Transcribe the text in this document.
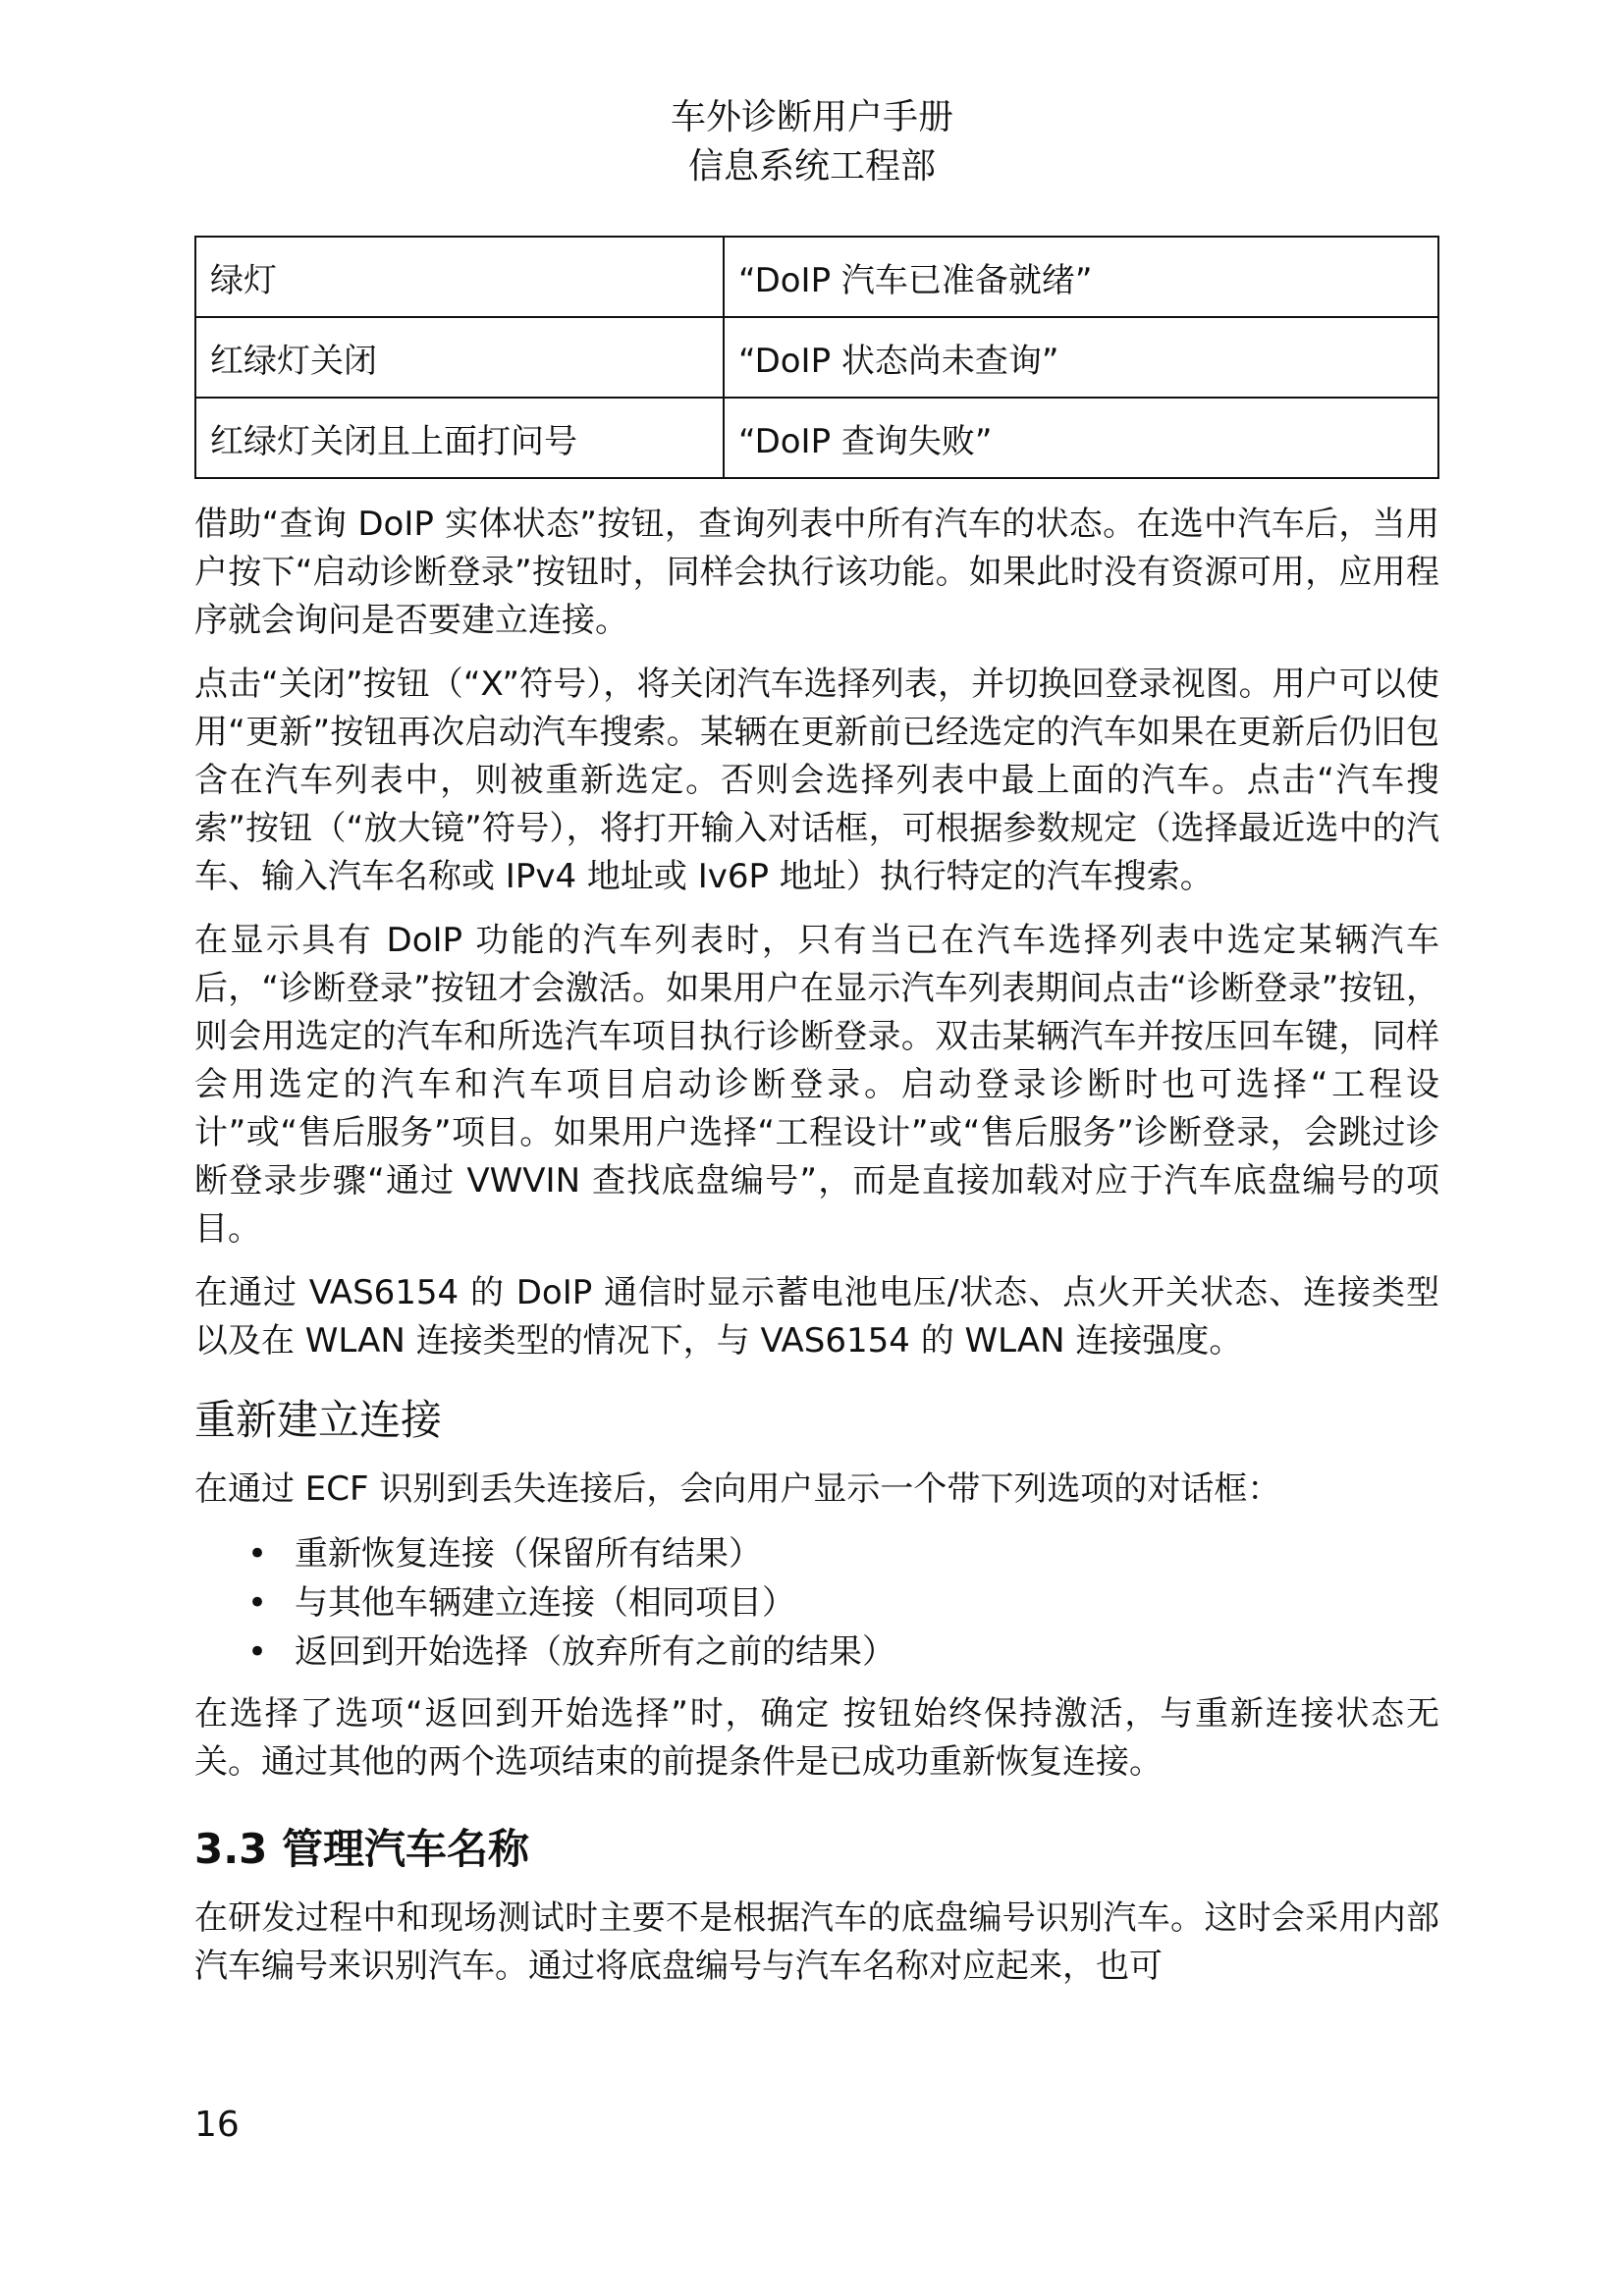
车外诊断用户手册
信息系统工程部
绿灯	“DoIP 汽车已准备就绪”
红绿灯关闭	“DoIP 状态尚未查询”
红绿灯关闭且上面打问号	“DoIP 查询失败”

借助“查询 DoIP 实体状态”按钮，查询列表中所有汽车的状态。在选中汽车后，当用户按下“启动诊断登录”按钮时，同样会执行该功能。如果此时没有资源可用，应用程序就会询问是否要建立连接。

点击“关闭”按钮（“X”符号），将关闭汽车选择列表，并切换回登录视图。用户可以使用“更新”按钮再次启动汽车搜索。某辆在更新前已经选定的汽车如果在更新后仍旧包含在汽车列表中，则被重新选定。否则会选择列表中最上面的汽车。点击“汽车搜索”按钮（“放大镜”符号），将打开输入对话框，可根据参数规定（选择最近选中的汽车、输入汽车名称或 IPv4 地址或 Iv6P 地址）执行特定的汽车搜索。

在显示具有 DoIP 功能的汽车列表时，只有当已在汽车选择列表中选定某辆汽车后，“诊断登录”按钮才会激活。如果用户在显示汽车列表期间点击“诊断登录”按钮，则会用选定的汽车和所选汽车项目执行诊断登录。双击某辆汽车并按压回车键，同样会用选定的汽车和汽车项目启动诊断登录。启动登录诊断时也可选择“工程设计”或“售后服务”项目。如果用户选择“工程设计”或“售后服务”诊断登录，会跳过诊断登录步骤“通过 VWVIN 查找底盘编号”，而是直接加载对应于汽车底盘编号的项目。

在通过 VAS6154 的 DoIP 通信时显示蓄电池电压/状态、点火开关状态、连接类型以及在 WLAN 连接类型的情况下，与 VAS6154 的 WLAN 连接强度。

重新建立连接

在通过 ECF 识别到丢失连接后，会向用户显示一个带下列选项的对话框：

• 重新恢复连接（保留所有结果）
• 与其他车辆建立连接（相同项目）
• 返回到开始选择（放弃所有之前的结果）

在选择了选项“返回到开始选择”时，确定 按钮始终保持激活，与重新连接状态无关。通过其他的两个选项结束的前提条件是已成功重新恢复连接。

3.3 管理汽车名称

在研发过程中和现场测试时主要不是根据汽车的底盘编号识别汽车。这时会采用内部汽车编号来识别汽车。通过将底盘编号与汽车名称对应起来，也可

16
